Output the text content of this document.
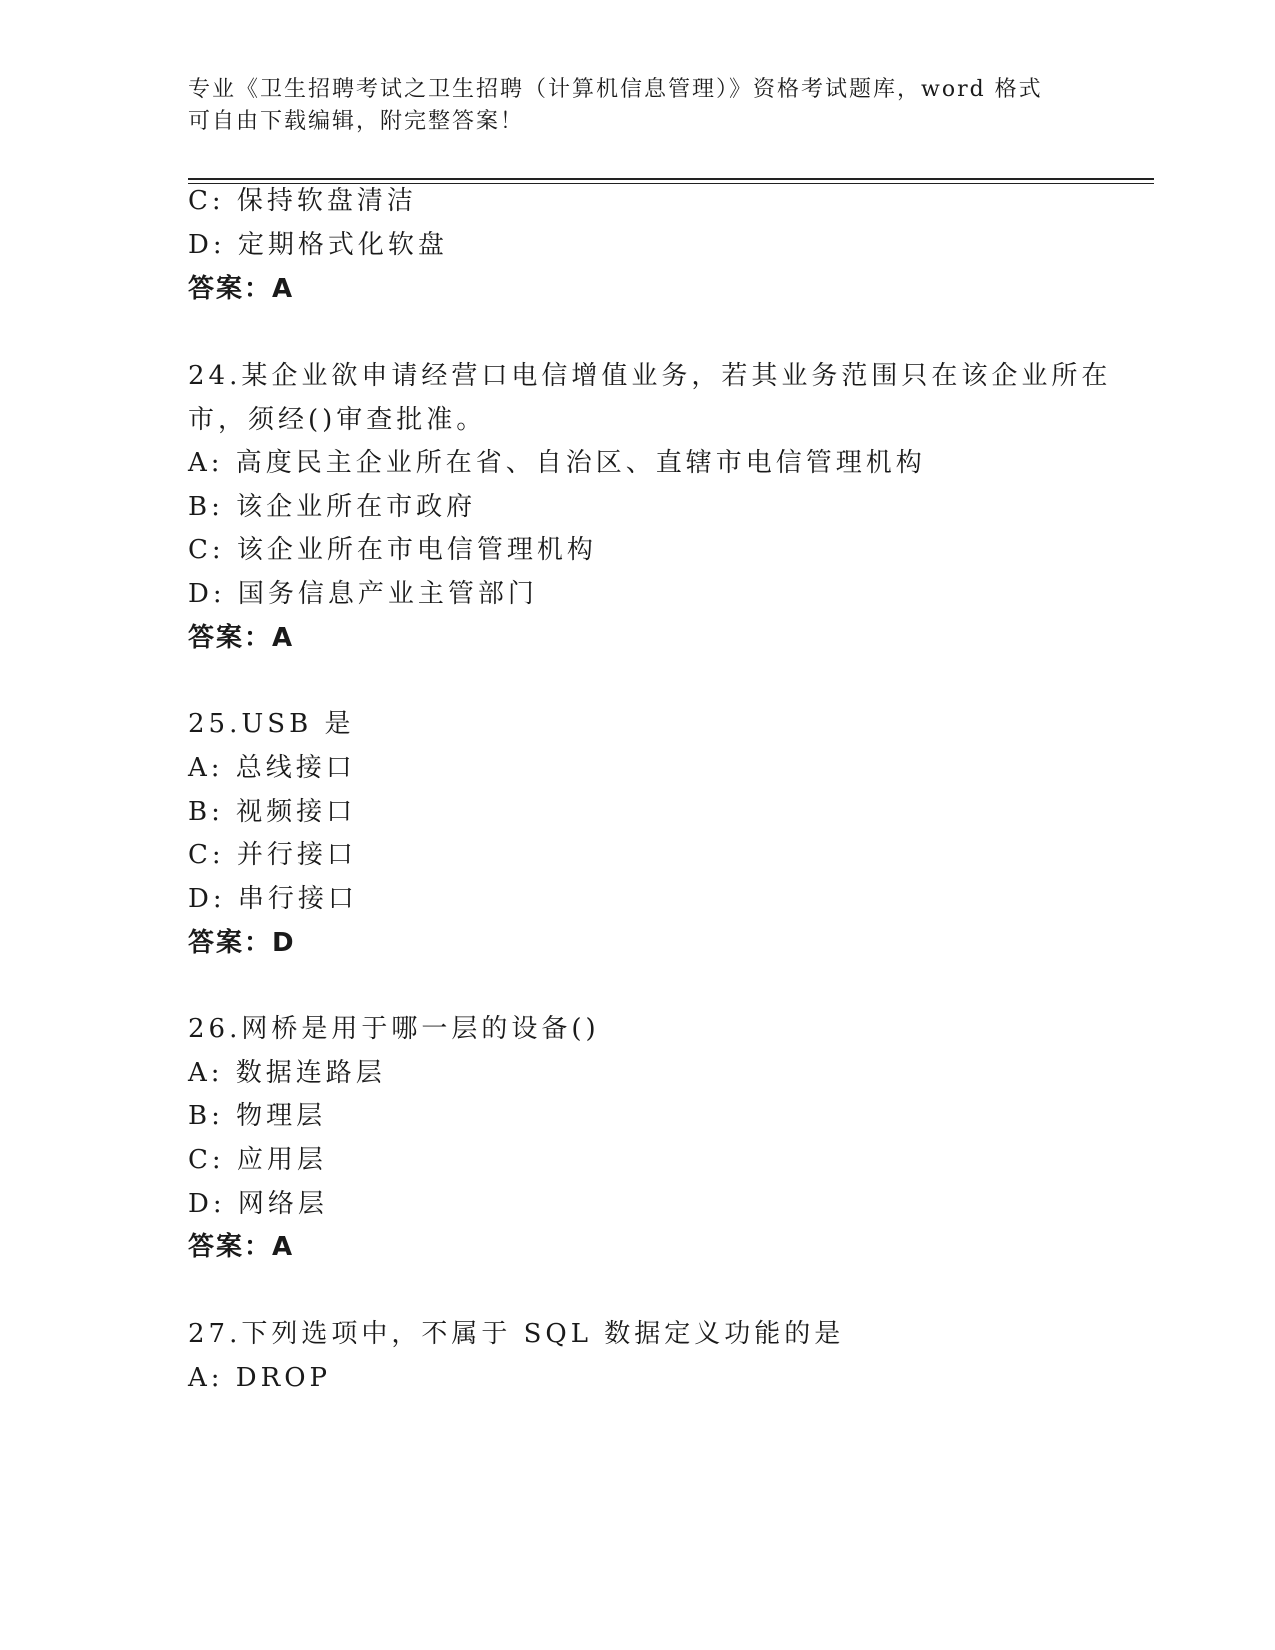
专业《卫生招聘考试之卫生招聘（计算机信息管理）》资格考试题库，word 格式
可自由下载编辑，附完整答案！
C: 保持软盘清洁
D: 定期格式化软盘
答案：A
24.某企业欲申请经营口电信增值业务，若其业务范围只在该企业所在
市，须经()审查批准。
A: 高度民主企业所在省、自治区、直辖市电信管理机构
B: 该企业所在市政府
C: 该企业所在市电信管理机构
D: 国务信息产业主管部门
答案：A
25.USB 是
A: 总线接口
B: 视频接口
C: 并行接口
D: 串行接口
答案：D
26.网桥是用于哪一层的设备()
A: 数据连路层
B: 物理层
C: 应用层
D: 网络层
答案：A
27.下列选项中，不属于 SQL 数据定义功能的是
A: DROP
